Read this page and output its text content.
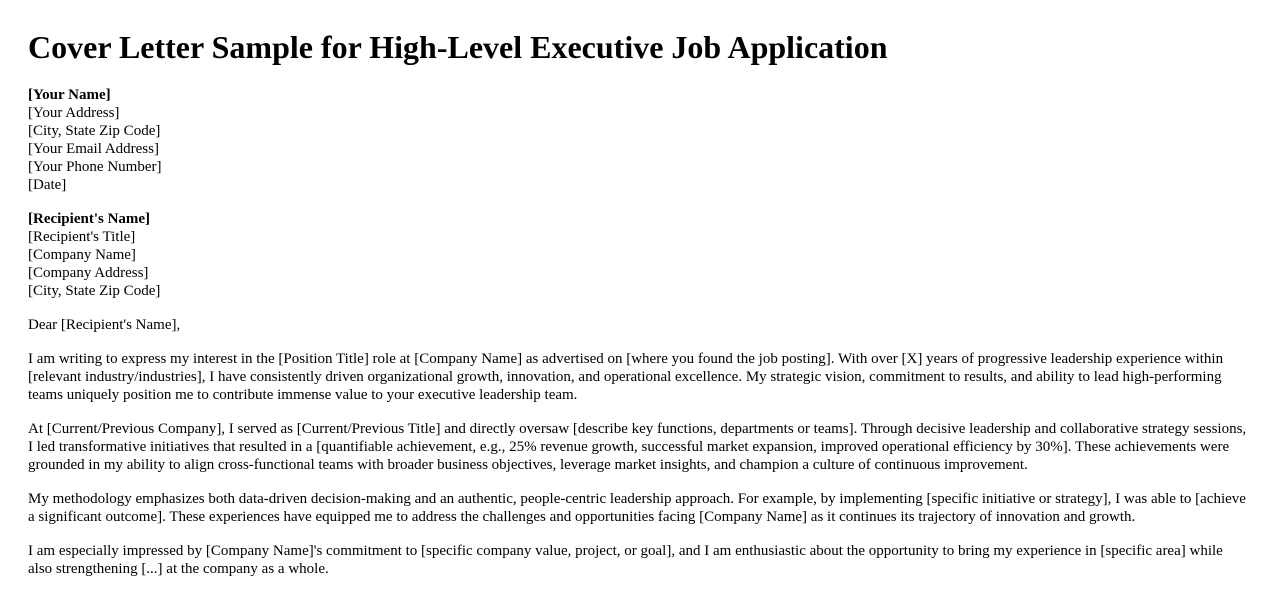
Cover Letter Sample for High-Level Executive Job Application
[Your Name]
[Your Address]
[City, State Zip Code]
[Your Email Address]
[Your Phone Number]
[Date]
[Recipient's Name]
[Recipient's Title]
[Company Name]
[Company Address]
[City, State Zip Code]
Dear [Recipient's Name],

I am writing to express my interest in the [Position Title] role at [Company Name] as advertised on [where you found the job posting]. With over [X] years of progressive leadership experience within [relevant industry/industries], I have consistently driven organizational growth, innovation, and operational excellence. My strategic vision, commitment to results, and ability to lead high-performing teams uniquely position me to contribute immense value to your executive leadership team.

At [Current/Previous Company], I served as [Current/Previous Title] and directly oversaw [describe key functions, departments or teams]. Through decisive leadership and collaborative strategy sessions, I led transformative initiatives that resulted in a [quantifiable achievement, e.g., 25% revenue growth, successful market expansion, improved operational efficiency by 30%]. These achievements were grounded in my ability to align cross-functional teams with broader business objectives, leverage market insights, and champion a culture of continuous improvement.

My methodology emphasizes both data-driven decision-making and an authentic, people-centric leadership approach. For example, by implementing [specific initiative or strategy], I was able to [achieve a significant outcome]. These experiences have equipped me to address the challenges and opportunities facing [Company Name] as it continues its trajectory of innovation and growth.

I am especially impressed by [Company Name]'s commitment to [specific company value, project, or goal], and I am enthusiastic about the opportunity to bring my experience in [specific area] while also strengthening [...] at the company as a whole.
